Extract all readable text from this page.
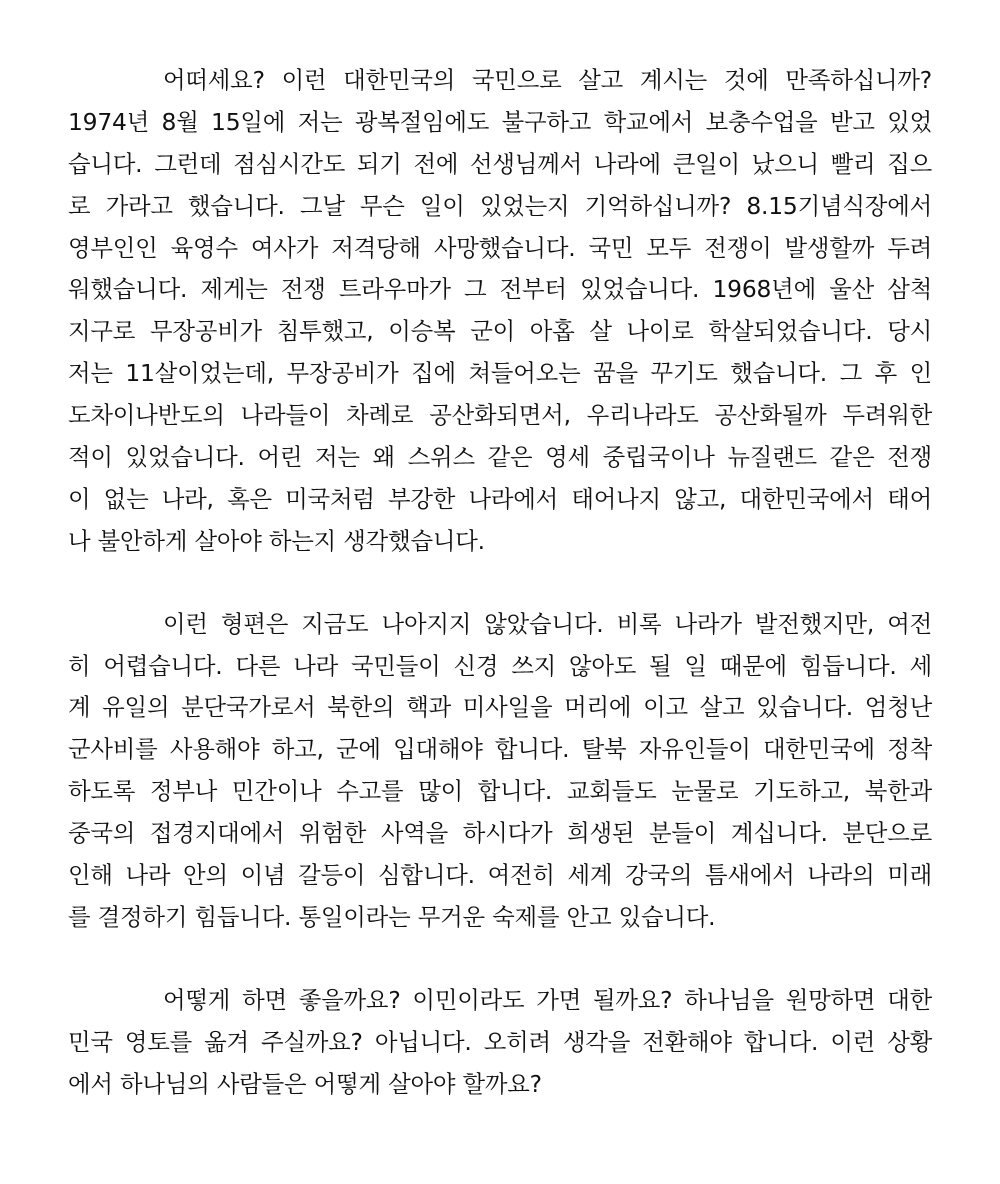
어떠세요? 이런 대한민국의 국민으로 살고 계시는 것에 만족하십니까?
1974년 8월 15일에 저는 광복절임에도 불구하고 학교에서 보충수업을 받고 있었
습니다. 그런데 점심시간도 되기 전에 선생님께서 나라에 큰일이 났으니 빨리 집으
로 가라고 했습니다. 그날 무슨 일이 있었는지 기억하십니까? 8.15기념식장에서
영부인인 육영수 여사가 저격당해 사망했습니다. 국민 모두 전쟁이 발생할까 두려
워했습니다. 제게는 전쟁 트라우마가 그 전부터 있었습니다. 1968년에 울산 삼척
지구로 무장공비가 침투했고, 이승복 군이 아홉 살 나이로 학살되었습니다. 당시
저는 11살이었는데, 무장공비가 집에 쳐들어오는 꿈을 꾸기도 했습니다. 그 후 인
도차이나반도의 나라들이 차례로 공산화되면서, 우리나라도 공산화될까 두려워한
적이 있었습니다. 어린 저는 왜 스위스 같은 영세 중립국이나 뉴질랜드 같은 전쟁
이 없는 나라, 혹은 미국처럼 부강한 나라에서 태어나지 않고, 대한민국에서 태어
나 불안하게 살아야 하는지 생각했습니다.

이런 형편은 지금도 나아지지 않았습니다. 비록 나라가 발전했지만, 여전
히 어렵습니다. 다른 나라 국민들이 신경 쓰지 않아도 될 일 때문에 힘듭니다. 세
계 유일의 분단국가로서 북한의 핵과 미사일을 머리에 이고 살고 있습니다. 엄청난
군사비를 사용해야 하고, 군에 입대해야 합니다. 탈북 자유인들이 대한민국에 정착
하도록 정부나 민간이나 수고를 많이 합니다. 교회들도 눈물로 기도하고, 북한과
중국의 접경지대에서 위험한 사역을 하시다가 희생된 분들이 계십니다. 분단으로
인해 나라 안의 이념 갈등이 심합니다. 여전히 세계 강국의 틈새에서 나라의 미래
를 결정하기 힘듭니다. 통일이라는 무거운 숙제를 안고 있습니다.

어떻게 하면 좋을까요? 이민이라도 가면 될까요? 하나님을 원망하면 대한
민국 영토를 옮겨 주실까요? 아닙니다. 오히려 생각을 전환해야 합니다. 이런 상황
에서 하나님의 사람들은 어떻게 살아야 할까요?
